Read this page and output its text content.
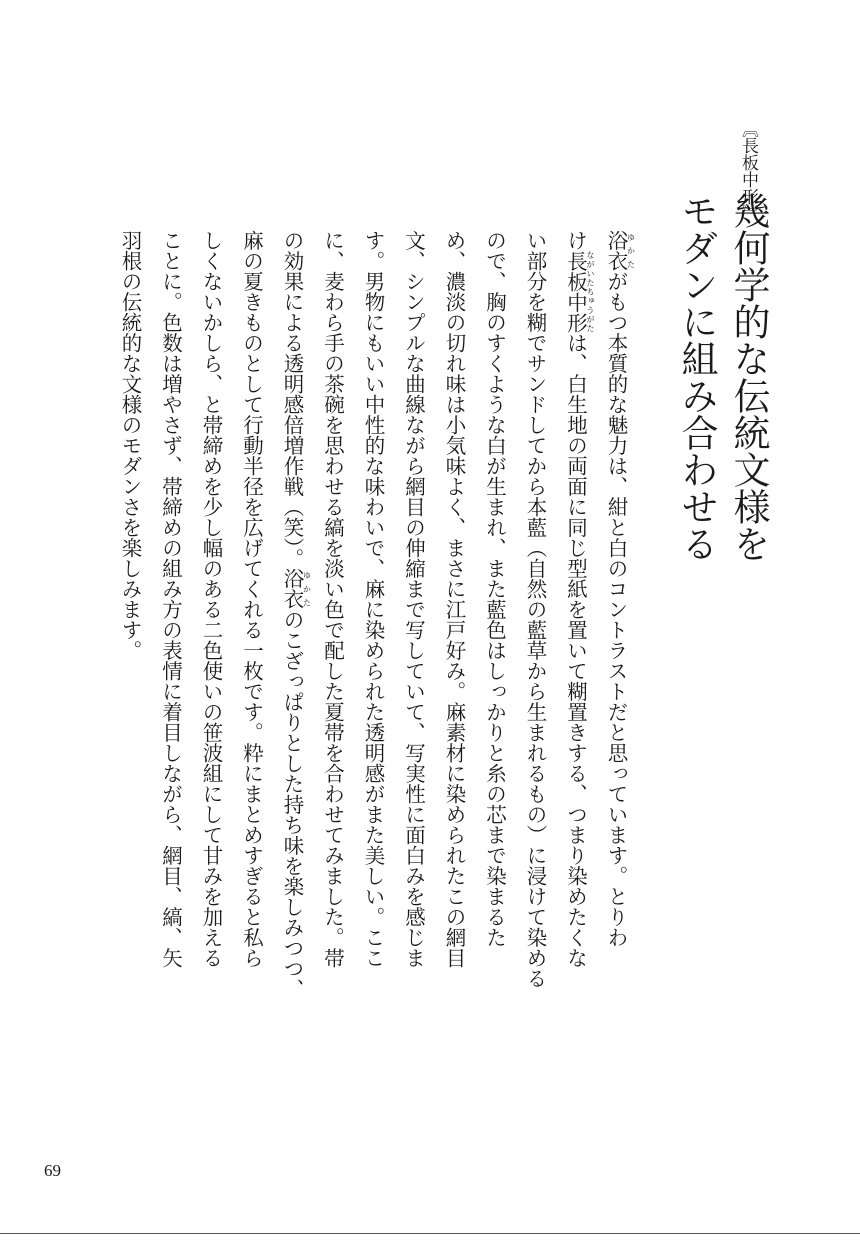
〘長板中形〙
幾何学的な伝統文様を
モダンに組み合わせる
浴衣ゆかたがもつ本質的な魅力は、紺と白のコントラストだと思っています。とりわ
け長板中形ながいたちゅうがたは、白生地の両面に同じ型紙を置いて糊置きする、つまり染めたくな
い部分を糊でサンドしてから本藍（自然の藍草から生まれるもの）に浸けて染める
ので、胸のすくような白が生まれ、また藍色はしっかりと糸の芯まで染まるた
め、濃淡の切れ味は小気味よく、まさに江戸好み。麻素材に染められたこの網目
文、シンプルな曲線ながら網目の伸縮まで写していて、写実性に面白みを感じま
す。男物にもいい中性的な味わいで、麻に染められた透明感がまた美しい。ここ
に、麦わら手の茶碗を思わせる縞を淡い色で配した夏帯を合わせてみました。帯
の効果による透明感倍増作戦（笑）。浴衣ゆかたのこざっぱりとした持ち味を楽しみつつ、
麻の夏きものとして行動半径を広げてくれる一枚です。粋にまとめすぎると私ら
しくないかしら、と帯締めを少し幅のある二色使いの笹波組にして甘みを加える
ことに。色数は増やさず、帯締めの組み方の表情に着目しながら、網目、縞、矢
羽根の伝統的な文様のモダンさを楽しみます。
69
